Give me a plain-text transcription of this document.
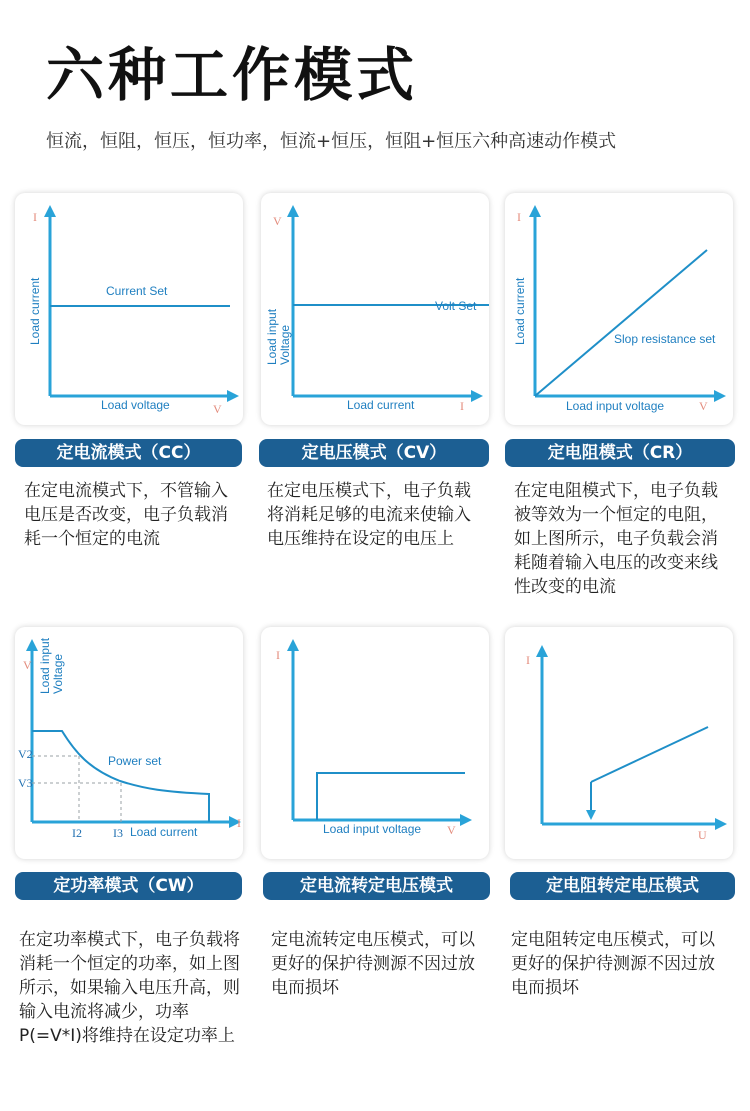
六种工作模式
恒流，恒阻，恒压，恒功率，恒流+恒压，恒阻+恒压六种高速动作模式
I
V
Load current
Load voltage
Current Set
V
I
Load input Voltage
Load current
Volt Set
I
V
Load current
Load input voltage
Slop resistance set
V
I
Load input Voltage
V2
V3
I2	I3 Load current
Power set
I
V
Load input voltage
I
U
定电流模式（CC）	定电压模式（CV）	定电阻模式（CR）
定功率模式（CW）	定电流转定电压模式	定电阻转定电压模式
在定电流模式下，不管输入电压是否改变，电子负载消耗一个恒定的电流
在定电压模式下，电子负载将消耗足够的电流来使输入电压维持在设定的电压上
在定电阻模式下，电子负载被等效为一个恒定的电阻，如上图所示，电子负载会消耗随着输入电压的改变来线性改变的电流
在定功率模式下，电子负载将消耗一个恒定的功率，如上图所示，如果输入电压升高，则输入电流将减少，功率P(=V*I)将维持在设定功率上
定电流转定电压模式，可以更好的保护待测源不因过放电而损坏
定电阻转定电压模式，可以更好的保护待测源不因过放电而损坏
